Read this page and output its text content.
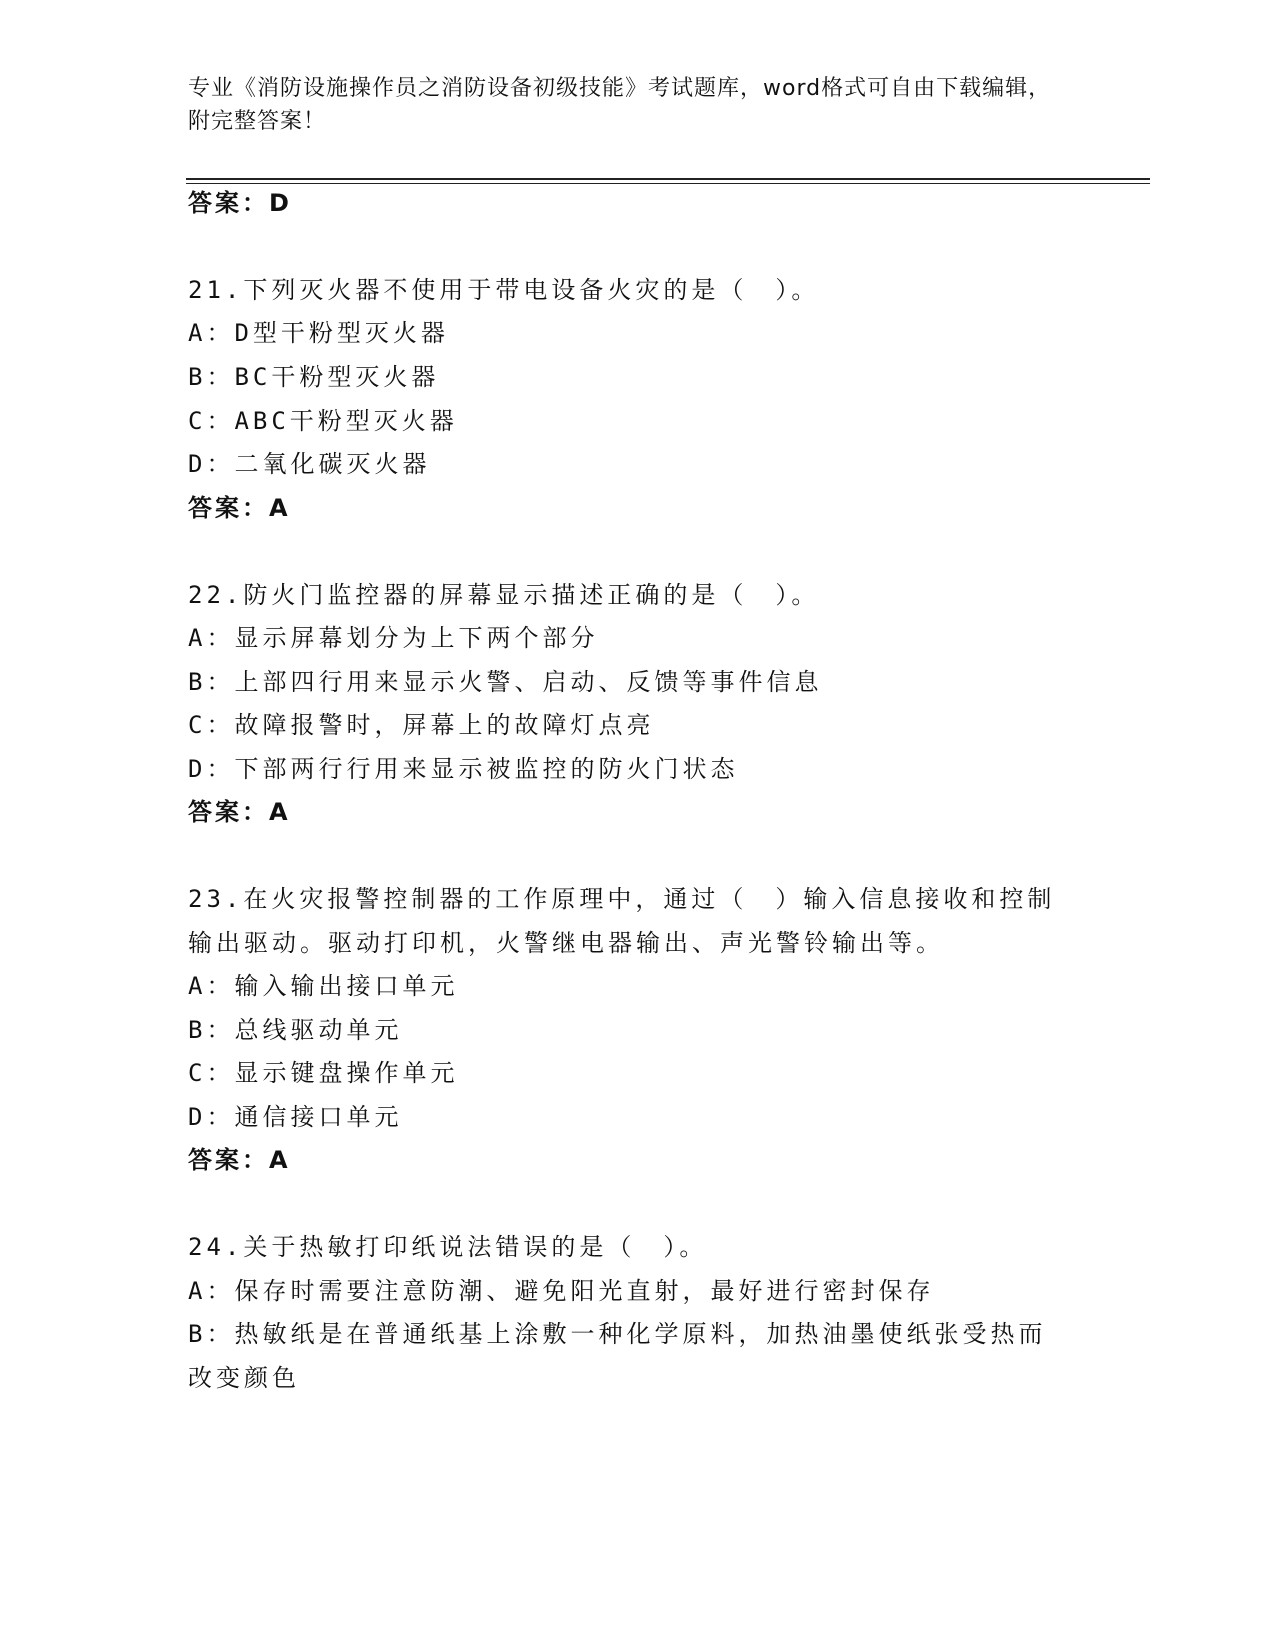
专业《消防设施操作员之消防设备初级技能》考试题库，word格式可自由下载编辑，附完整答案！
答案：D
21.下列灭火器不使用于带电设备火灾的是（　）。
A：D型干粉型灭火器
B：BC干粉型灭火器
C：ABC干粉型灭火器
D：二氧化碳灭火器
答案：A
22.防火门监控器的屏幕显示描述正确的是（　）。
A：显示屏幕划分为上下两个部分
B：上部四行用来显示火警、启动、反馈等事件信息
C：故障报警时，屏幕上的故障灯点亮
D：下部两行行用来显示被监控的防火门状态
答案：A
23.在火灾报警控制器的工作原理中，通过（　）输入信息接收和控制
输出驱动。驱动打印机，火警继电器输出、声光警铃输出等。
A：输入输出接口单元
B：总线驱动单元
C：显示键盘操作单元
D：通信接口单元
答案：A
24.关于热敏打印纸说法错误的是（　）。
A：保存时需要注意防潮、避免阳光直射，最好进行密封保存
B：热敏纸是在普通纸基上涂敷一种化学原料，加热油墨使纸张受热而
改变颜色
